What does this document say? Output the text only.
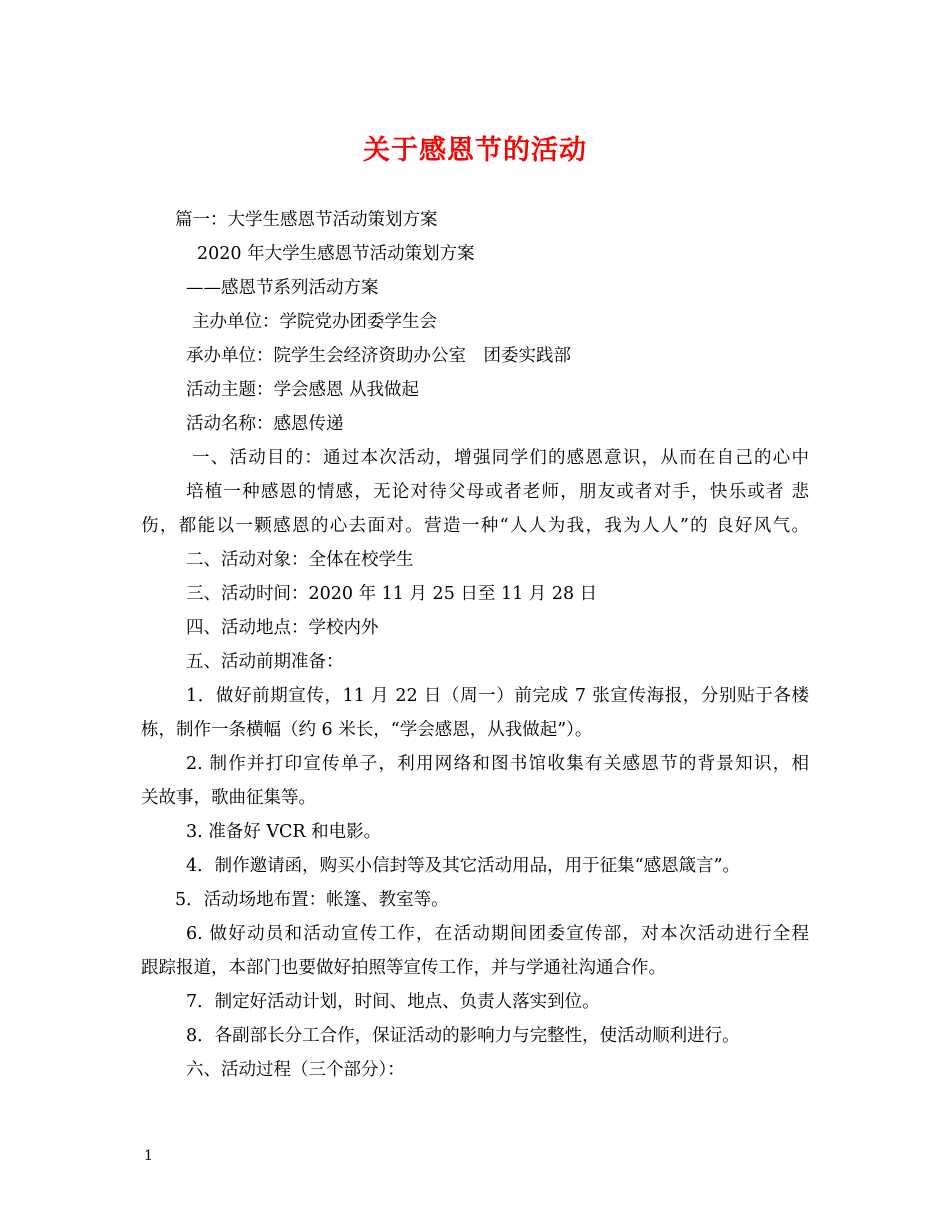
关于感恩节的活动
篇一：大学生感恩节活动策划方案
2020 年大学生感恩节活动策划方案
——感恩节系列活动方案
主办单位：学院党办团委学生会
承办单位：院学生会经济资助办公室　团委实践部
活动主题：学会感恩 从我做起
活动名称：感恩传递
一、活动目的：通过本次活动，增强同学们的感恩意识，从而在自己的心中
培植一种感恩的情感，无论对待父母或者老师，朋友或者对手，快乐或者 悲
伤，都能以一颗感恩的心去面对。营造一种“人人为我，我为人人”的 良好风气。
二、活动对象：全体在校学生
三、活动时间：2020 年 11 月 25 日至 11 月 28 日
四、活动地点：学校内外
五、活动前期准备：
1．做好前期宣传，11 月 22 日（周一）前完成 7 张宣传海报，分别贴于各楼
栋，制作一条横幅（约 6 米长，“学会感恩，从我做起”）。
2. 制作并打印宣传单子，利用网络和图书馆收集有关感恩节的背景知识，相
关故事，歌曲征集等。
3. 准备好 VCR 和电影。
4．制作邀请函，购买小信封等及其它活动用品，用于征集“感恩箴言”。
5．活动场地布置：帐篷、教室等。
6. 做好动员和活动宣传工作，在活动期间团委宣传部，对本次活动进行全程
跟踪报道，本部门也要做好拍照等宣传工作，并与学通社沟通合作。
7．制定好活动计划，时间、地点、负责人落实到位。
8．各副部长分工合作，保证活动的影响力与完整性，使活动顺利进行。
六、活动过程（三个部分）：
1
